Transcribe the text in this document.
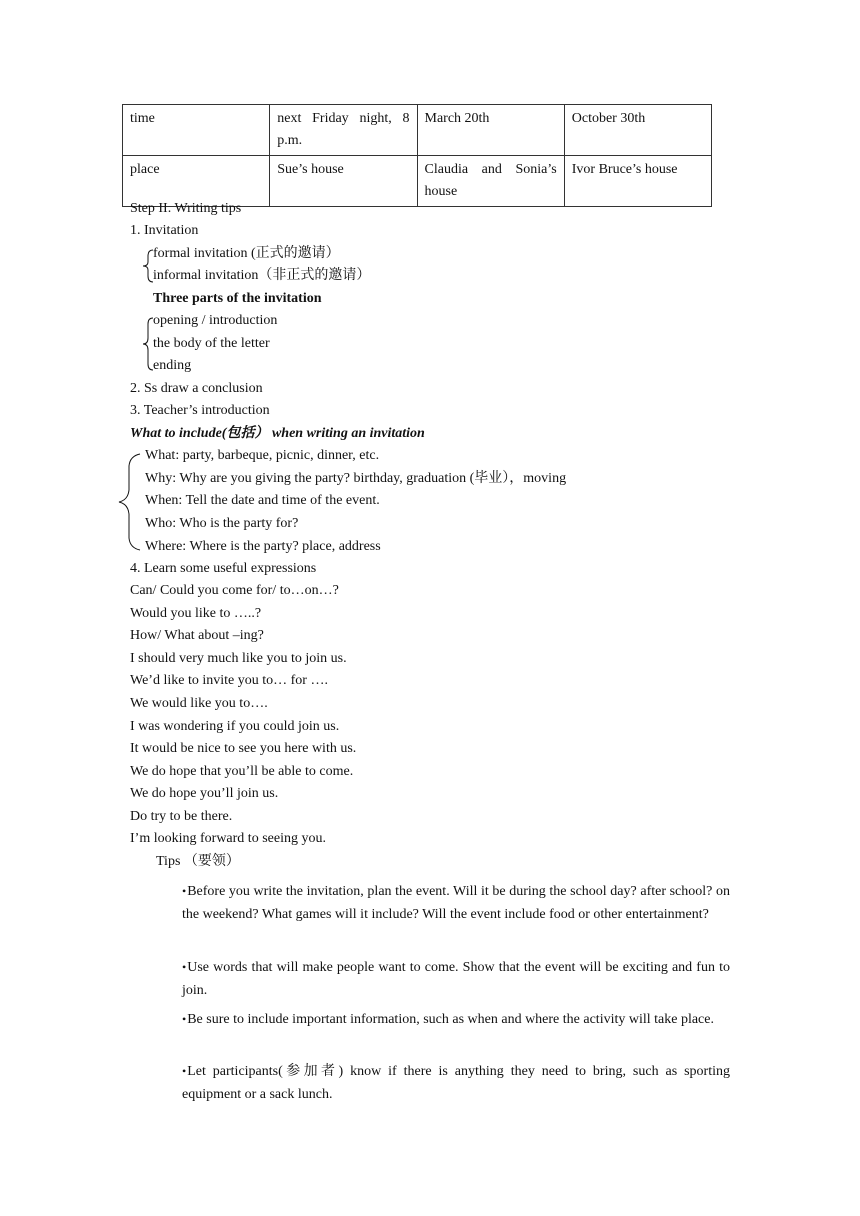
time	next Friday night, 8 p.m.	March 20th	October 30th
place	Sue’s house	Claudia and Sonia’s house	Ivor Bruce’s house
Step II. Writing tips
1. Invitation
formal invitation (正式的邀请）
informal invitation（非正式的邀请）
Three parts of the invitation
opening / introduction
the body of the letter
ending
2. Ss draw a conclusion
3. Teacher’s introduction
What to include(包括） when writing an invitation
What: party, barbeque, picnic, dinner, etc.
Why: Why are you giving the party? birthday, graduation (毕业），moving
When: Tell the date and time of the event.
Who: Who is the party for?
Where: Where is the party? place, address
4. Learn some useful expressions
Can/ Could you come for/ to…on…?
Would you like to …..?
How/ What about –ing?
I should very much like you to join us.
We’d like to invite you to… for ….
We would like you to….
I was wondering if you could join us.
It would be nice to see you here with us.
We do hope that you’ll be able to come.
We do hope you’ll join us.
Do try to be there.
I’m looking forward to seeing you.
Tips （要领）
•Before you write the invitation, plan the event. Will it be during the school day? after school? on the weekend? What games will it include? Will the event include food or other entertainment?
•Use words that will make people want to come. Show that the event will be exciting and fun to join.
•Be sure to include important information, such as when and where the activity will take place.
•Let participants(参加者) know if there is anything they need to bring, such as sporting equipment or a sack lunch.
